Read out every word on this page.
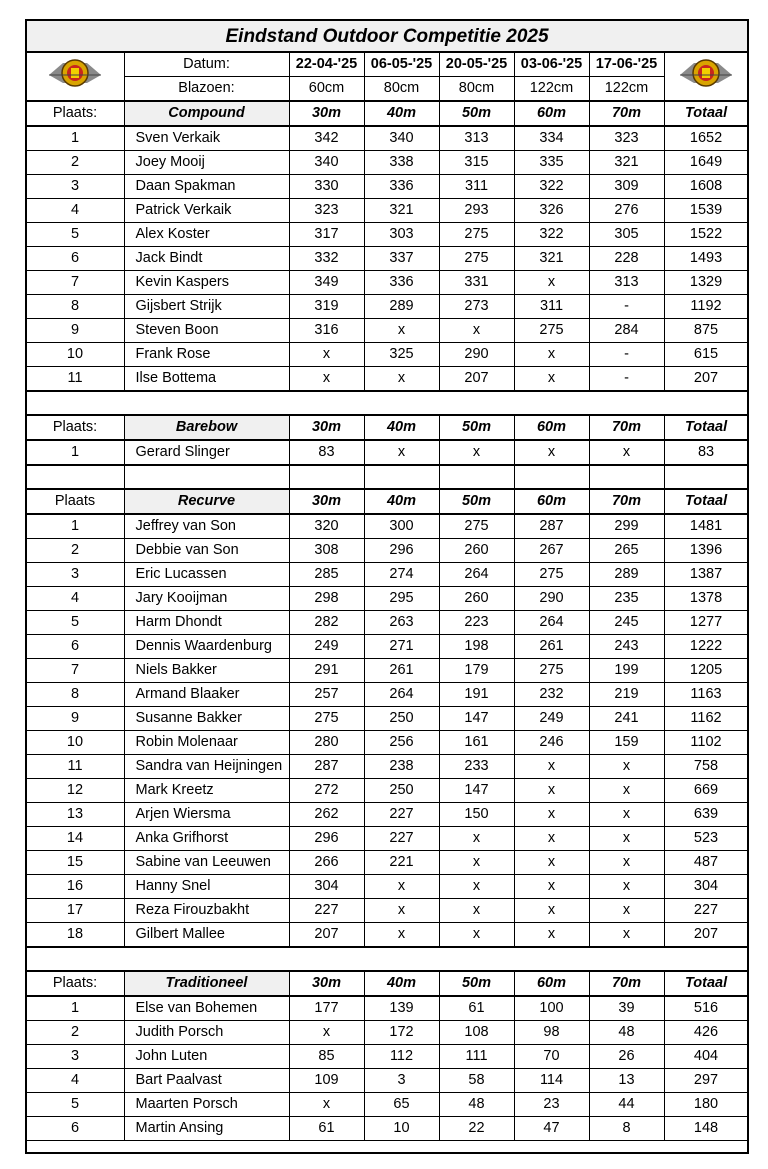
Eindstand Outdoor Competitie 2025							
	Datum:	22-04-'25	06-05-'25	20-05-'25	03-06-'25	17-06-'25	
	Blazoen:	60cm	80cm	80cm	122cm	122cm	
Plaats:	Compound	30m	40m	50m	60m	70m	Totaal
1	Sven Verkaik	342	340	313	334	323	1652
2	Joey Mooij	340	338	315	335	321	1649
3	Daan Spakman	330	336	311	322	309	1608
4	Patrick Verkaik	323	321	293	326	276	1539
5	Alex Koster	317	303	275	322	305	1522
6	Jack Bindt	332	337	275	321	228	1493
7	Kevin Kaspers	349	336	331	x	313	1329
8	Gijsbert Strijk	319	289	273	311	-	1192
9	Steven Boon	316	x	x	275	284	875
10	Frank Rose	x	325	290	x	-	615
11	Ilse Bottema	x	x	207	x	-	207

Plaats:	Barebow	30m	40m	50m	60m	70m	Totaal
1	Gerard Slinger	83	x	x	x	x	83

Plaats	Recurve	30m	40m	50m	60m	70m	Totaal
1	Jeffrey van Son	320	300	275	287	299	1481
2	Debbie van Son	308	296	260	267	265	1396
3	Eric Lucassen	285	274	264	275	289	1387
4	Jary Kooijman	298	295	260	290	235	1378
5	Harm Dhondt	282	263	223	264	245	1277
6	Dennis Waardenburg	249	271	198	261	243	1222
7	Niels Bakker	291	261	179	275	199	1205
8	Armand Blaaker	257	264	191	232	219	1163
9	Susanne Bakker	275	250	147	249	241	1162
10	Robin Molenaar	280	256	161	246	159	1102
11	Sandra van Heijningen	287	238	233	x	x	758
12	Mark Kreetz	272	250	147	x	x	669
13	Arjen Wiersma	262	227	150	x	x	639
14	Anka Grifhorst	296	227	x	x	x	523
15	Sabine van Leeuwen	266	221	x	x	x	487
16	Hanny Snel	304	x	x	x	x	304
17	Reza Firouzbakht	227	x	x	x	x	227
18	Gilbert Mallee	207	x	x	x	x	207

Plaats:	Traditioneel	30m	40m	50m	60m	70m	Totaal
1	Else van Bohemen	177	139	61	100	39	516
2	Judith Porsch	x	172	108	98	48	426
3	John Luten	85	112	111	70	26	404
4	Bart Paalvast	109	3	58	114	13	297
5	Maarten Porsch	x	65	48	23	44	180
6	Martin Ansing	61	10	22	47	8	148
